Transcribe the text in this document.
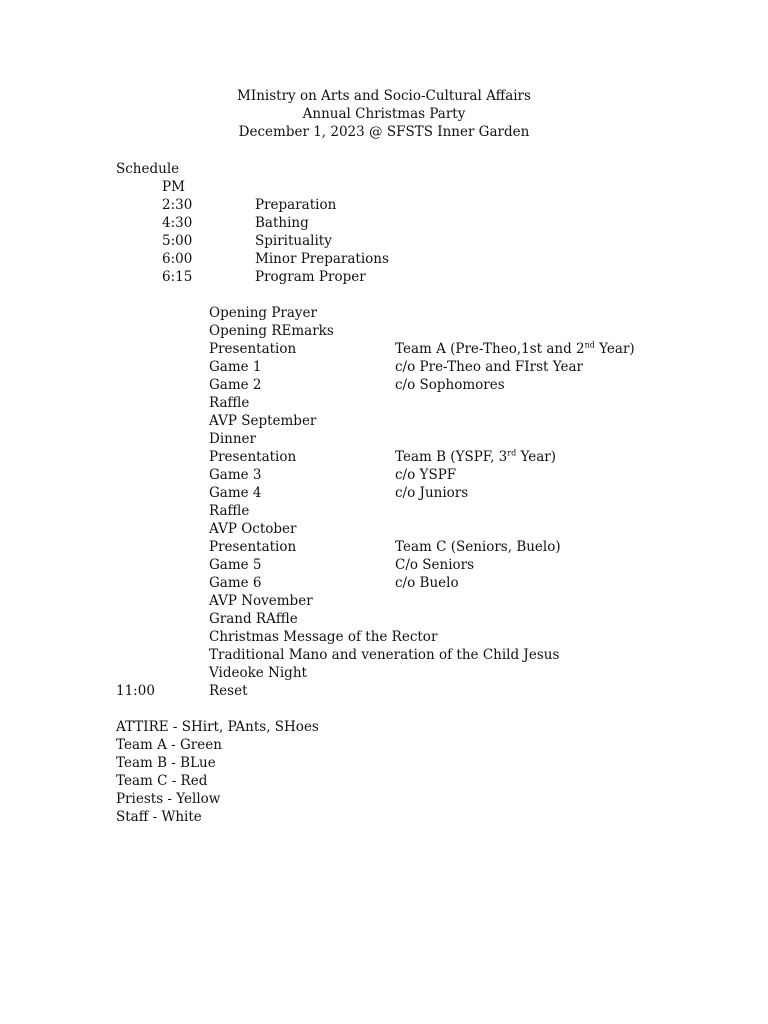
MInistry on Arts and Socio-Cultural Affairs
Annual Christmas Party
December 1, 2023 @ SFSTS Inner Garden
Schedule
PM
2:30	Preparation
4:30	Bathing
5:00	Spirituality
6:00	Minor Preparations
6:15	Program Proper
Opening Prayer
Opening REmarks
Presentation	Team A (Pre-Theo,1st and 2nd Year)
Game 1	c/o Pre-Theo and FIrst Year
Game 2	c/o Sophomores
Raffle
AVP September
Dinner
Presentation	Team B (YSPF, 3rd Year)
Game 3	c/o YSPF
Game 4	c/o Juniors
Raffle
AVP October
Presentation	Team C (Seniors, Buelo)
Game 5	C/o Seniors
Game 6	c/o Buelo
AVP November
Grand RAffle
Christmas Message of the Rector
Traditional Mano and veneration of the Child Jesus
Videoke Night
11:00	Reset
ATTIRE - SHirt, PAnts, SHoes
Team A - Green
Team B - BLue
Team C - Red
Priests - Yellow
Staff - White
